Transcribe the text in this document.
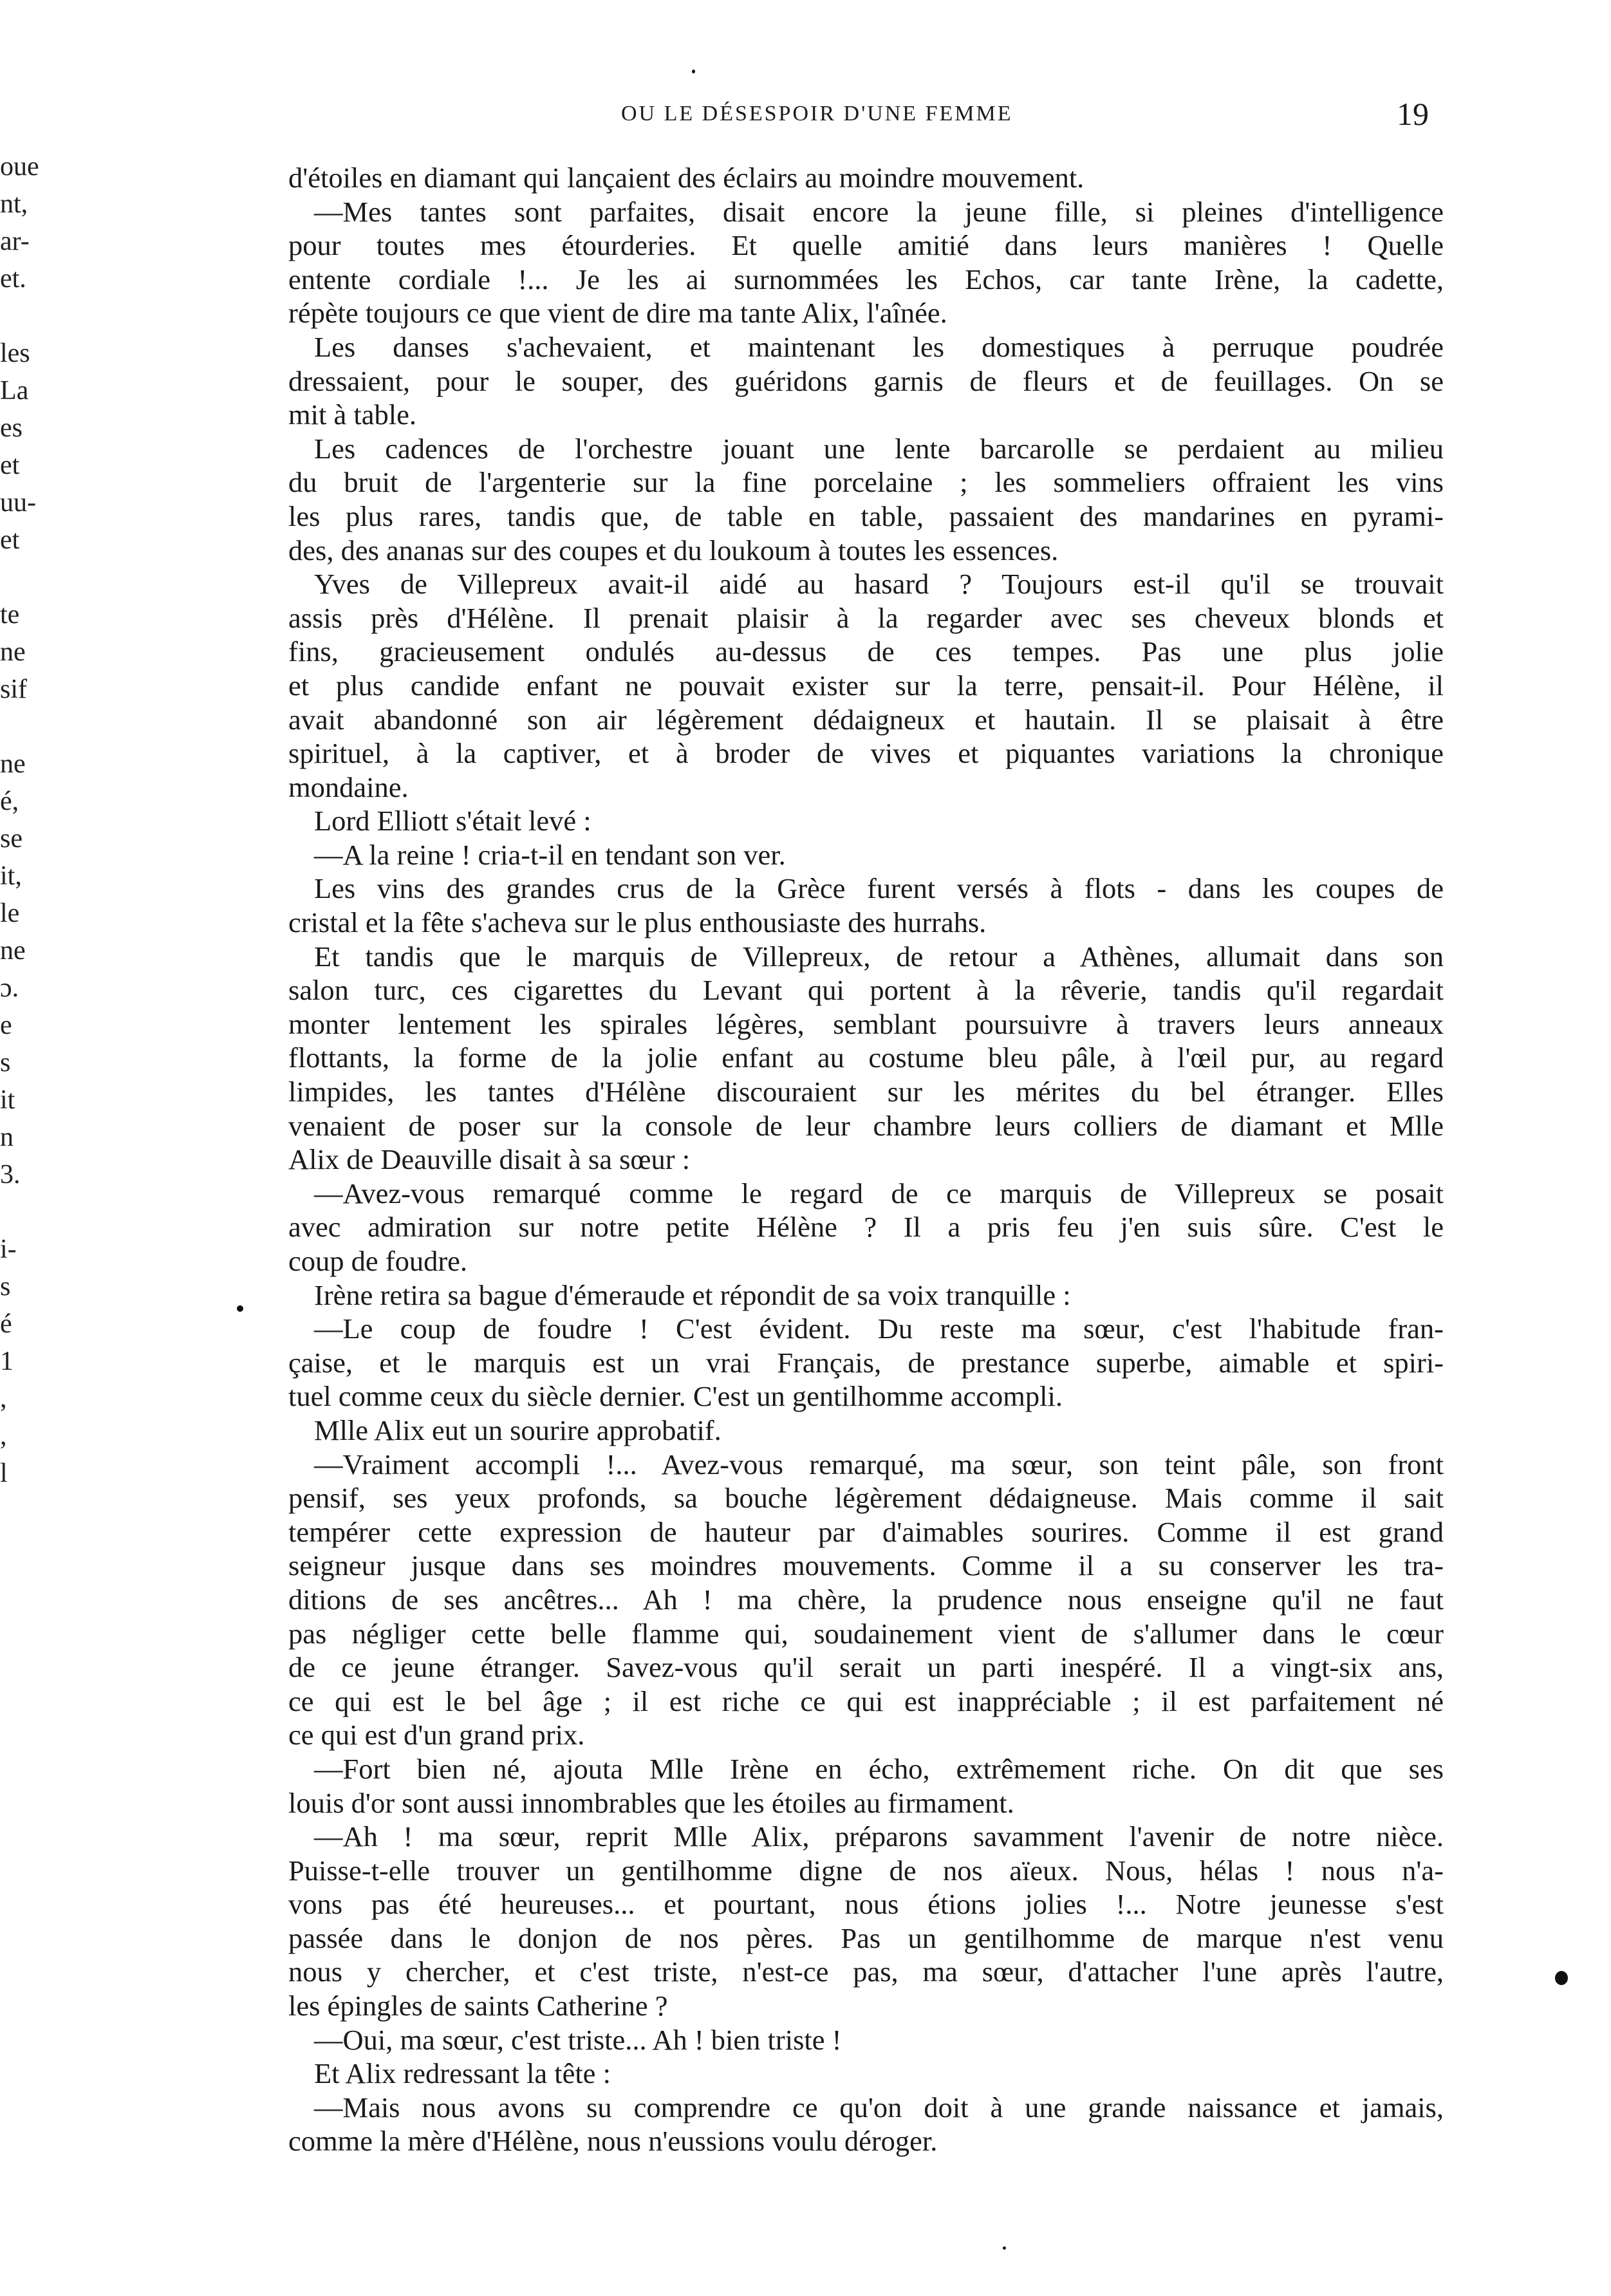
OU LE DÉSESPOIR D'UNE FEMME	19
oue
nt,
ar-
et.
les
La
es
et
uu-
et
te
ne
sif
ne
é,
se
it,
le
ne
ɔ.
e
s
it
n
3.
i-
s
é
1
,
,
l
d'étoiles en diamant qui lançaient des éclairs au moindre mouvement.
—Mes tantes sont parfaites, disait encore la jeune fille, si pleines d'intelligence
pour toutes mes étourderies. Et quelle amitié dans leurs manières ! Quelle
entente cordiale !... Je les ai surnommées les Echos, car tante Irène, la cadette,
répète toujours ce que vient de dire ma tante Alix, l'aînée.
Les danses s'achevaient, et maintenant les domestiques à perruque poudrée
dressaient, pour le souper, des guéridons garnis de fleurs et de feuillages. On se
mit à table.
Les cadences de l'orchestre jouant une lente barcarolle se perdaient au milieu
du bruit de l'argenterie sur la fine porcelaine ; les sommeliers offraient les vins
les plus rares, tandis que, de table en table, passaient des mandarines en pyrami-
des, des ananas sur des coupes et du loukoum à toutes les essences.
Yves de Villepreux avait-il aidé au hasard ? Toujours est-il qu'il se trouvait
assis près d'Hélène. Il prenait plaisir à la regarder avec ses cheveux blonds et
fins, gracieusement ondulés au-dessus de ces tempes. Pas une plus jolie
et plus candide enfant ne pouvait exister sur la terre, pensait-il. Pour Hélène, il
avait abandonné son air légèrement dédaigneux et hautain. Il se plaisait à être
spirituel, à la captiver, et à broder de vives et piquantes variations la chronique
mondaine.
Lord Elliott s'était levé :
—A la reine ! cria-t-il en tendant son ver.
Les vins des grandes crus de la Grèce furent versés à flots - dans les coupes de
cristal et la fête s'acheva sur le plus enthousiaste des hurrahs.
Et tandis que le marquis de Villepreux, de retour a Athènes, allumait dans son
salon turc, ces cigarettes du Levant qui portent à la rêverie, tandis qu'il regardait
monter lentement les spirales légères, semblant poursuivre à travers leurs anneaux
flottants, la forme de la jolie enfant au costume bleu pâle, à l'œil pur, au regard
limpides, les tantes d'Hélène discouraient sur les mérites du bel étranger. Elles
venaient de poser sur la console de leur chambre leurs colliers de diamant et Mlle
Alix de Deauville disait à sa sœur :
—Avez-vous remarqué comme le regard de ce marquis de Villepreux se posait
avec admiration sur notre petite Hélène ? Il a pris feu j'en suis sûre. C'est le
coup de foudre.
Irène retira sa bague d'émeraude et répondit de sa voix tranquille :
—Le coup de foudre ! C'est évident. Du reste ma sœur, c'est l'habitude fran-
çaise, et le marquis est un vrai Français, de prestance superbe, aimable et spiri-
tuel comme ceux du siècle dernier. C'est un gentilhomme accompli.
Mlle Alix eut un sourire approbatif.
—Vraiment accompli !... Avez-vous remarqué, ma sœur, son teint pâle, son front
pensif, ses yeux profonds, sa bouche légèrement dédaigneuse. Mais comme il sait
tempérer cette expression de hauteur par d'aimables sourires. Comme il est grand
seigneur jusque dans ses moindres mouvements. Comme il a su conserver les tra-
ditions de ses ancêtres... Ah ! ma chère, la prudence nous enseigne qu'il ne faut
pas négliger cette belle flamme qui, soudainement vient de s'allumer dans le cœur
de ce jeune étranger. Savez-vous qu'il serait un parti inespéré. Il a vingt-six ans,
ce qui est le bel âge ; il est riche ce qui est inappréciable ; il est parfaitement né
ce qui est d'un grand prix.
—Fort bien né, ajouta Mlle Irène en écho, extrêmement riche. On dit que ses
louis d'or sont aussi innombrables que les étoiles au firmament.
—Ah ! ma sœur, reprit Mlle Alix, préparons savamment l'avenir de notre nièce.
Puisse-t-elle trouver un gentilhomme digne de nos aïeux. Nous, hélas ! nous n'a-
vons pas été heureuses... et pourtant, nous étions jolies !... Notre jeunesse s'est
passée dans le donjon de nos pères. Pas un gentilhomme de marque n'est venu
nous y chercher, et c'est triste, n'est-ce pas, ma sœur, d'attacher l'une après l'autre,
les épingles de saints Catherine ?
—Oui, ma sœur, c'est triste... Ah ! bien triste !
Et Alix redressant la tête :
—Mais nous avons su comprendre ce qu'on doit à une grande naissance et jamais,
comme la mère d'Hélène, nous n'eussions voulu déroger.
